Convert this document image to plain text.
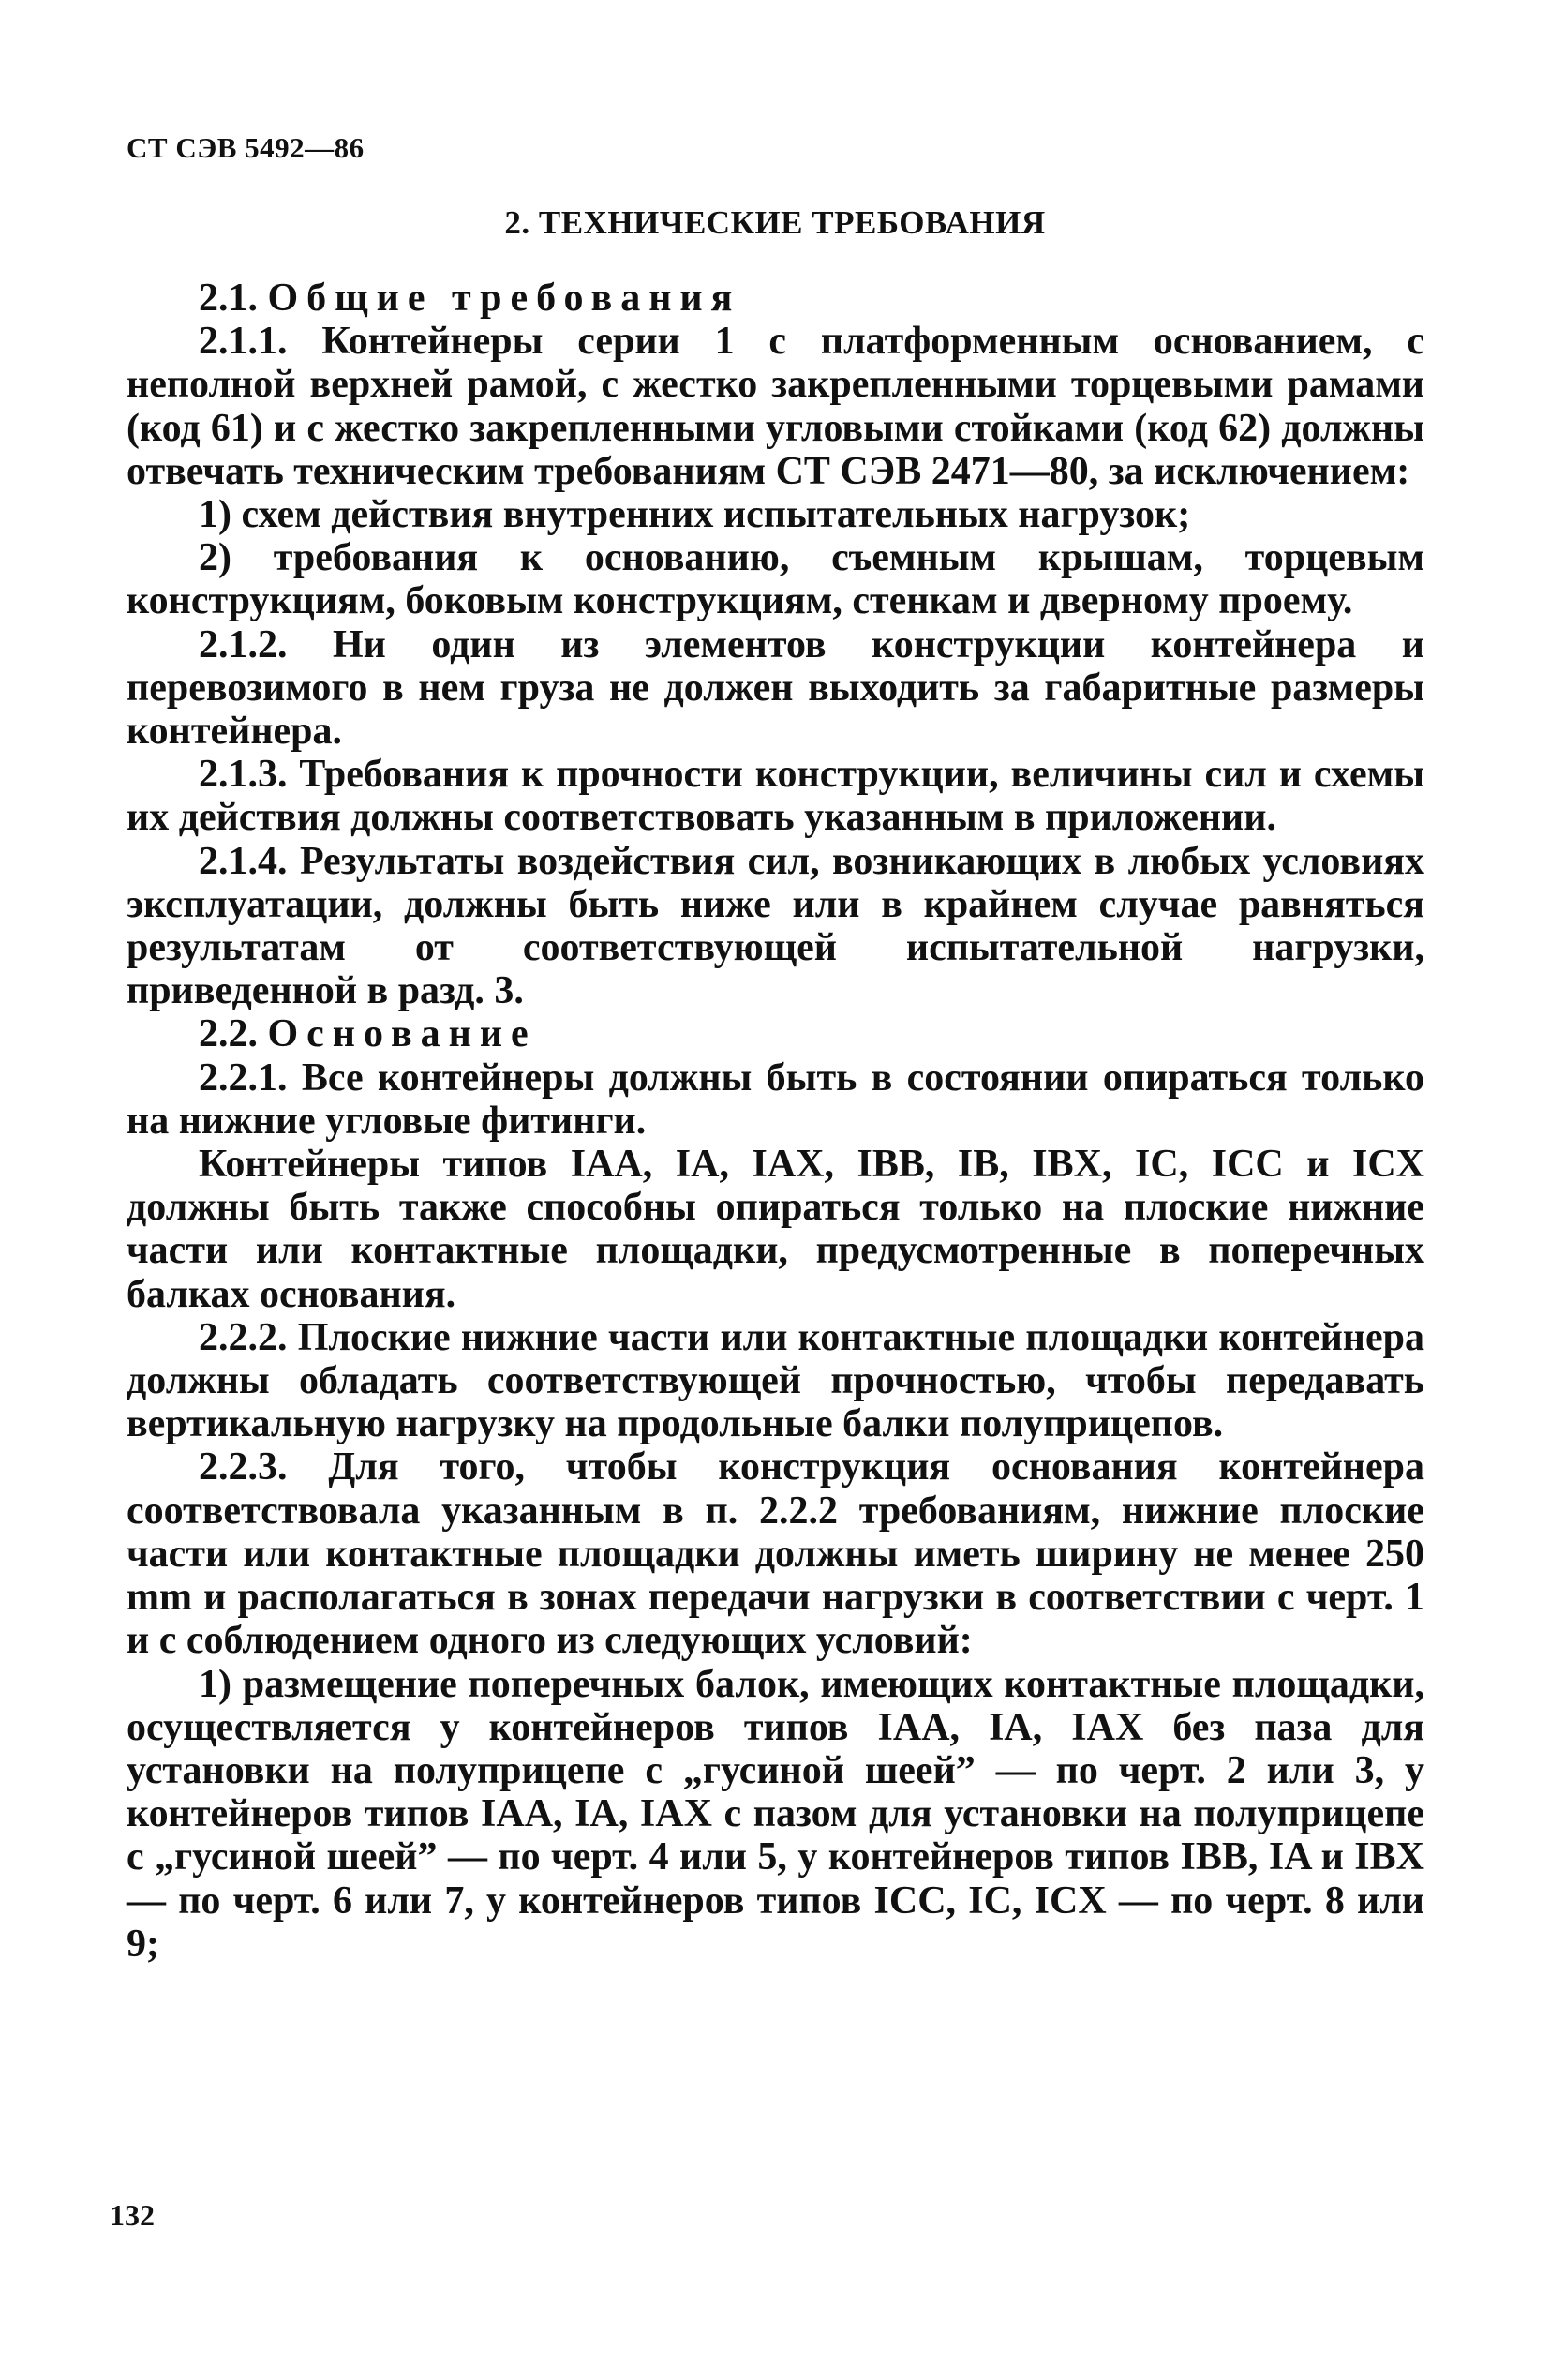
СТ СЭВ 5492—86
2. ТЕХНИЧЕСКИЕ ТРЕБОВАНИЯ

2.1. Общие требования

2.1.1. Контейнеры серии 1 с платформенным основанием, с неполной верхней рамой, с жестко закрепленными торцевыми рамами (код 61) и с жестко закрепленными угловыми стойками (код 62) должны отвечать техническим требованиям СТ СЭВ 2471—80, за исключением:

1) схем действия внутренних испытательных нагрузок;

2) требования к основанию, съемным крышам, торцевым конструкциям, боковым конструкциям, стенкам и дверному проему.

2.1.2. Ни один из элементов конструкции контейнера и перевозимого в нем груза не должен выходить за габаритные размеры контейнера.

2.1.3. Требования к прочности конструкции, величины сил и схемы их действия должны соответствовать указанным в приложении.

2.1.4. Результаты воздействия сил, возникающих в любых условиях эксплуатации, должны быть ниже или в крайнем случае равняться результатам от соответствующей испытательной нагрузки, приведенной в разд. 3.

2.2. Основание

2.2.1. Все контейнеры должны быть в состоянии опираться только на нижние угловые фитинги.

Контейнеры типов IAA, IA, IAX, IBB, IB, IBX, IC, ICC и ICX должны быть также способны опираться только на плоские нижние части или контактные площадки, предусмотренные в поперечных балках основания.

2.2.2. Плоские нижние части или контактные площадки контейнера должны обладать соответствующей прочностью, чтобы передавать вертикальную нагрузку на продольные балки полуприцепов.

2.2.3. Для того, чтобы конструкция основания контейнера соответствовала указанным в п. 2.2.2 требованиям, нижние плоские части или контактные площадки должны иметь ширину не менее 250 mm и располагаться в зонах передачи нагрузки в соответствии с черт. 1 и с соблюдением одного из следующих условий:

1) размещение поперечных балок, имеющих контактные площадки, осуществляется у контейнеров типов IAA, IA, IAX без паза для установки на полуприцепе с „гусиной шеей” — по черт. 2 или 3, у контейнеров типов IAA, IA, IAX с пазом для установки на полуприцепе с „гусиной шеей” — по черт. 4 или 5, у контейнеров типов IBB, IA и IBX — по черт. 6 или 7, у контейнеров типов ICC, IC, ICX — по черт. 8 или 9;

132
